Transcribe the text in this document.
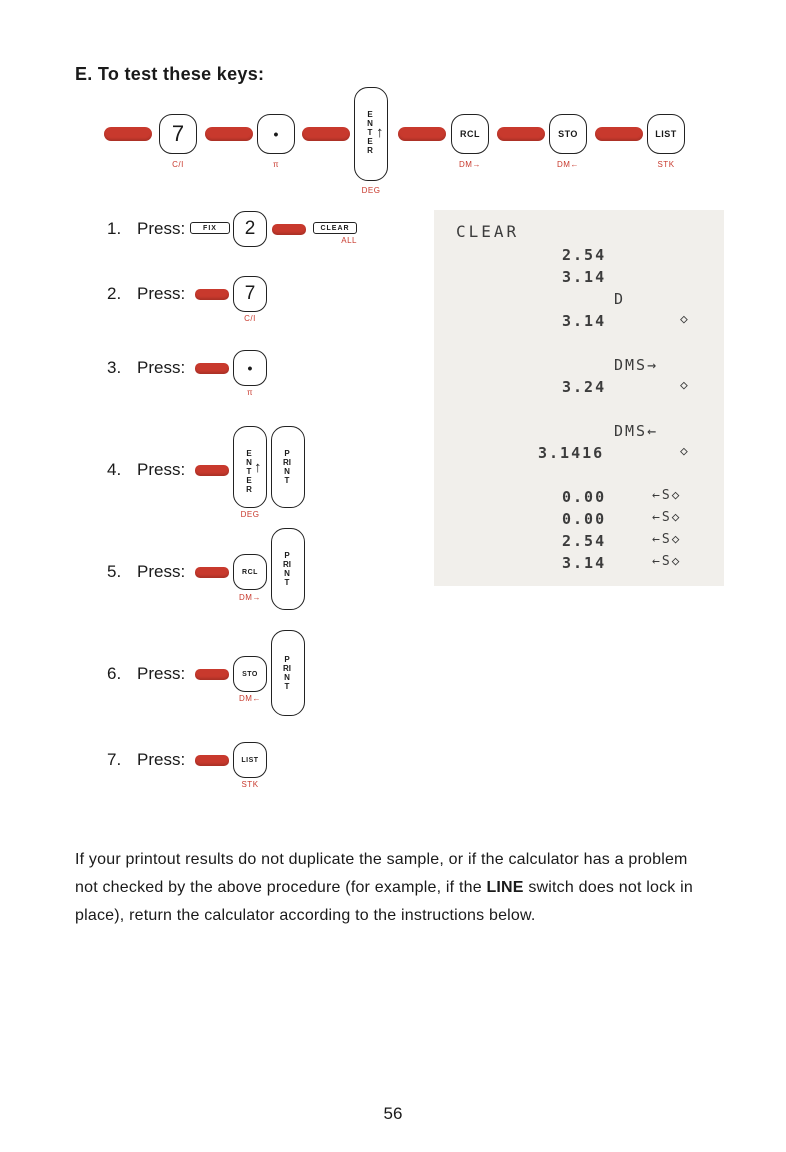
E. To test these keys:
7
C/I
•
π
ENTER
↑
DEG
RCL
DM→
STO
DM←
LIST
STK
1. Press:	FIX	2	CLEAR
ALL
2. Press:	7
C/I
3. Press:	•
π
4. Press:
ENTER
↑
DEG
PRINT
5. Press:	RCL
DM→
PRINT
6. Press:	STO
DM←
PRINT
7. Press:	LIST
STK
CLEAR
2.54
3.14
D
3.14	◇
DMS→
3.24	◇
DMS←
3.1416	◇
0.00	←S◇
0.00	←S◇
2.54	←S◇
3.14	←S◇

If your printout results do not duplicate the sample, or if the calculator has a problem not checked by the above procedure (for example, if the LINE switch does not lock in place), return the calculator according to the instructions below.

56
